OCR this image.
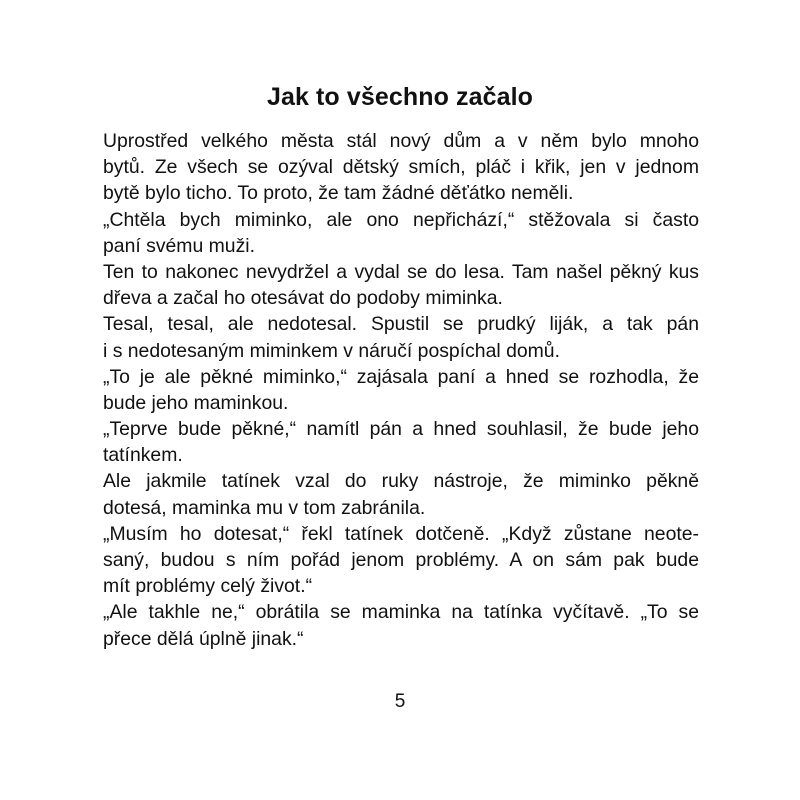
Jak to všechno začalo
Uprostřed velkého města stál nový dům a v něm bylo mnoho
bytů. Ze všech se ozýval dětský smích, pláč i křik, jen v jednom
bytě bylo ticho. To proto, že tam žádné děťátko neměli.
„Chtěla bych miminko, ale ono nepřichází,“ stěžovala si často
paní svému muži.
Ten to nakonec nevydržel a vydal se do lesa. Tam našel pěkný kus
dřeva a začal ho otesávat do podoby miminka.
Tesal, tesal, ale nedotesal. Spustil se prudký liják, a tak pán
i s nedotesaným miminkem v náručí pospíchal domů.
„To je ale pěkné miminko,“ zajásala paní a hned se rozhodla, že
bude jeho maminkou.
„Teprve bude pěkné,“ namítl pán a hned souhlasil, že bude jeho
tatínkem.
Ale jakmile tatínek vzal do ruky nástroje, že miminko pěkně
dotesá, maminka mu v tom zabránila.
„Musím ho dotesat,“ řekl tatínek dotčeně. „Když zůstane neote-
saný, budou s ním pořád jenom problémy. A on sám pak bude
mít problémy celý život.“
„Ale takhle ne,“ obrátila se maminka na tatínka vyčítavě. „To se
přece dělá úplně jinak.“
5
